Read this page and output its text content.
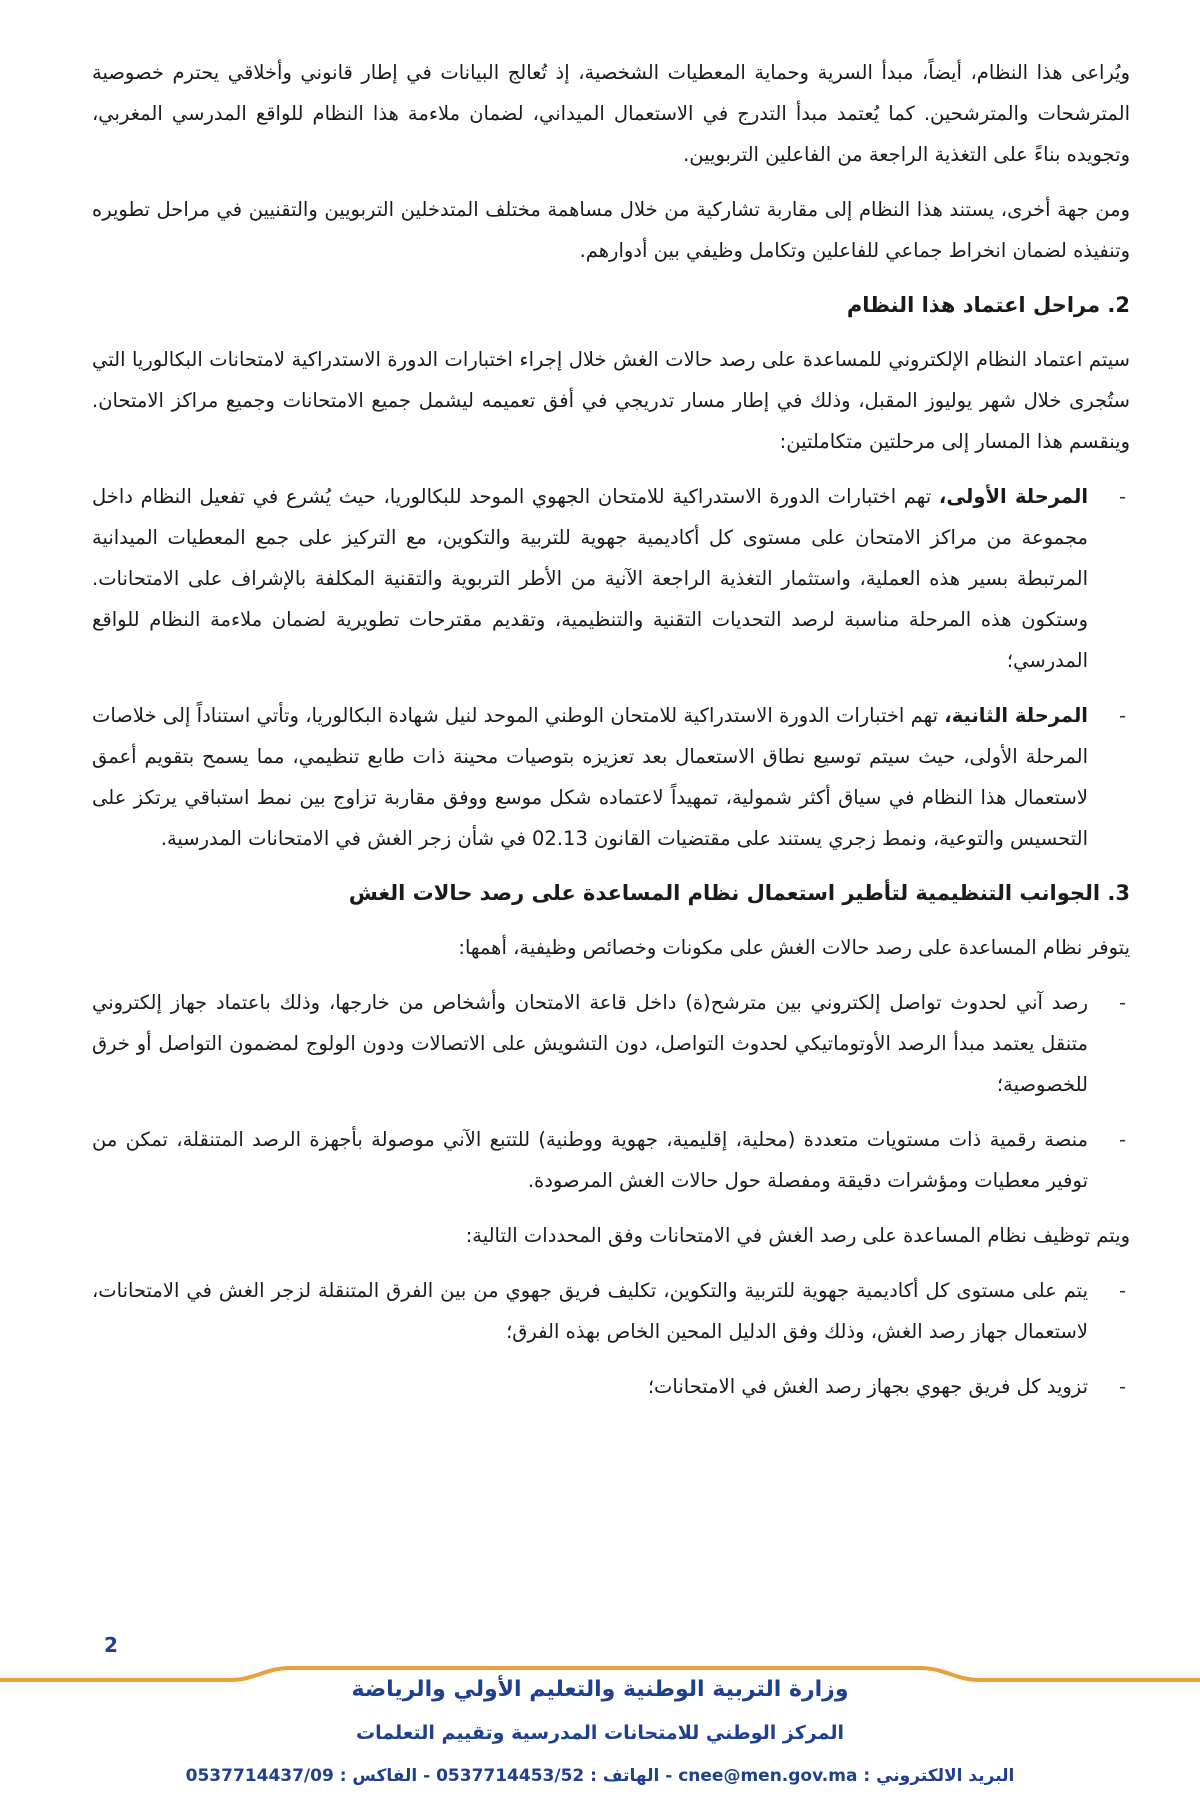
ويُراعى هذا النظام، أيضاً، مبدأ السرية وحماية المعطيات الشخصية، إذ تُعالج البيانات في إطار قانوني وأخلاقي يحترم خصوصية المترشحات والمترشحين. كما يُعتمد مبدأ التدرج في الاستعمال الميداني، لضمان ملاءمة هذا النظام للواقع المدرسي المغربي، وتجويده بناءً على التغذية الراجعة من الفاعلين التربويين.

ومن جهة أخرى، يستند هذا النظام إلى مقاربة تشاركية من خلال مساهمة مختلف المتدخلين التربويين والتقنيين في مراحل تطويره وتنفيذه لضمان انخراط جماعي للفاعلين وتكامل وظيفي بين أدوارهم.

2. مراحل اعتماد هذا النظام

سيتم اعتماد النظام الإلكتروني للمساعدة على رصد حالات الغش خلال إجراء اختبارات الدورة الاستدراكية لامتحانات البكالوريا التي ستُجرى خلال شهر يوليوز المقبل، وذلك في إطار مسار تدريجي في أفق تعميمه ليشمل جميع الامتحانات وجميع مراكز الامتحان. وينقسم هذا المسار إلى مرحلتين متكاملتين:

-
المرحلة الأولى، تهم اختبارات الدورة الاستدراكية للامتحان الجهوي الموحد للبكالوريا، حيث يُشرع في تفعيل النظام داخل مجموعة من مراكز الامتحان على مستوى كل أكاديمية جهوية للتربية والتكوين، مع التركيز على جمع المعطيات الميدانية المرتبطة بسير هذه العملية، واستثمار التغذية الراجعة الآنية من الأطر التربوية والتقنية المكلفة بالإشراف على الامتحانات. وستكون هذه المرحلة مناسبة لرصد التحديات التقنية والتنظيمية، وتقديم مقترحات تطويرية لضمان ملاءمة النظام للواقع المدرسي؛
-
المرحلة الثانية، تهم اختبارات الدورة الاستدراكية للامتحان الوطني الموحد لنيل شهادة البكالوريا، وتأتي استناداً إلى خلاصات المرحلة الأولى، حيث سيتم توسيع نطاق الاستعمال بعد تعزيزه بتوصيات محينة ذات طابع تنظيمي، مما يسمح بتقويم أعمق لاستعمال هذا النظام في سياق أكثر شمولية، تمهيداً لاعتماده شكل موسع ووفق مقاربة تزاوج بين نمط استباقي يرتكز على التحسيس والتوعية، ونمط زجري يستند على مقتضيات القانون 02.13 في شأن زجر الغش في الامتحانات المدرسية.
3. الجوانب التنظيمية لتأطير استعمال نظام المساعدة على رصد حالات الغش

يتوفر نظام المساعدة على رصد حالات الغش على مكونات وخصائص وظيفية، أهمها:

-
رصد آني لحدوث تواصل إلكتروني بين مترشح(ة) داخل قاعة الامتحان وأشخاص من خارجها، وذلك باعتماد جهاز إلكتروني متنقل يعتمد مبدأ الرصد الأوتوماتيكي لحدوث التواصل، دون التشويش على الاتصالات ودون الولوج لمضمون التواصل أو خرق للخصوصية؛
-
منصة رقمية ذات مستويات متعددة (محلية، إقليمية، جهوية ووطنية) للتتبع الآني موصولة بأجهزة الرصد المتنقلة، تمكن من توفير معطيات ومؤشرات دقيقة ومفصلة حول حالات الغش المرصودة.

ويتم توظيف نظام المساعدة على رصد الغش في الامتحانات وفق المحددات التالية:

-
يتم على مستوى كل أكاديمية جهوية للتربية والتكوين، تكليف فريق جهوي من بين الفرق المتنقلة لزجر الغش في الامتحانات، لاستعمال جهاز رصد الغش، وذلك وفق الدليل المحين الخاص بهذه الفرق؛
-
تزويد كل فريق جهوي بجهاز رصد الغش في الامتحانات؛
2
وزارة التربية الوطنية والتعليم الأولي والرياضة
المركز الوطني للامتحانات المدرسية وتقييم التعلمات
البريد الالكتروني : cnee@men.gov.ma - الهاتف : 0537714453/52 - الفاكس : 0537714437/09
